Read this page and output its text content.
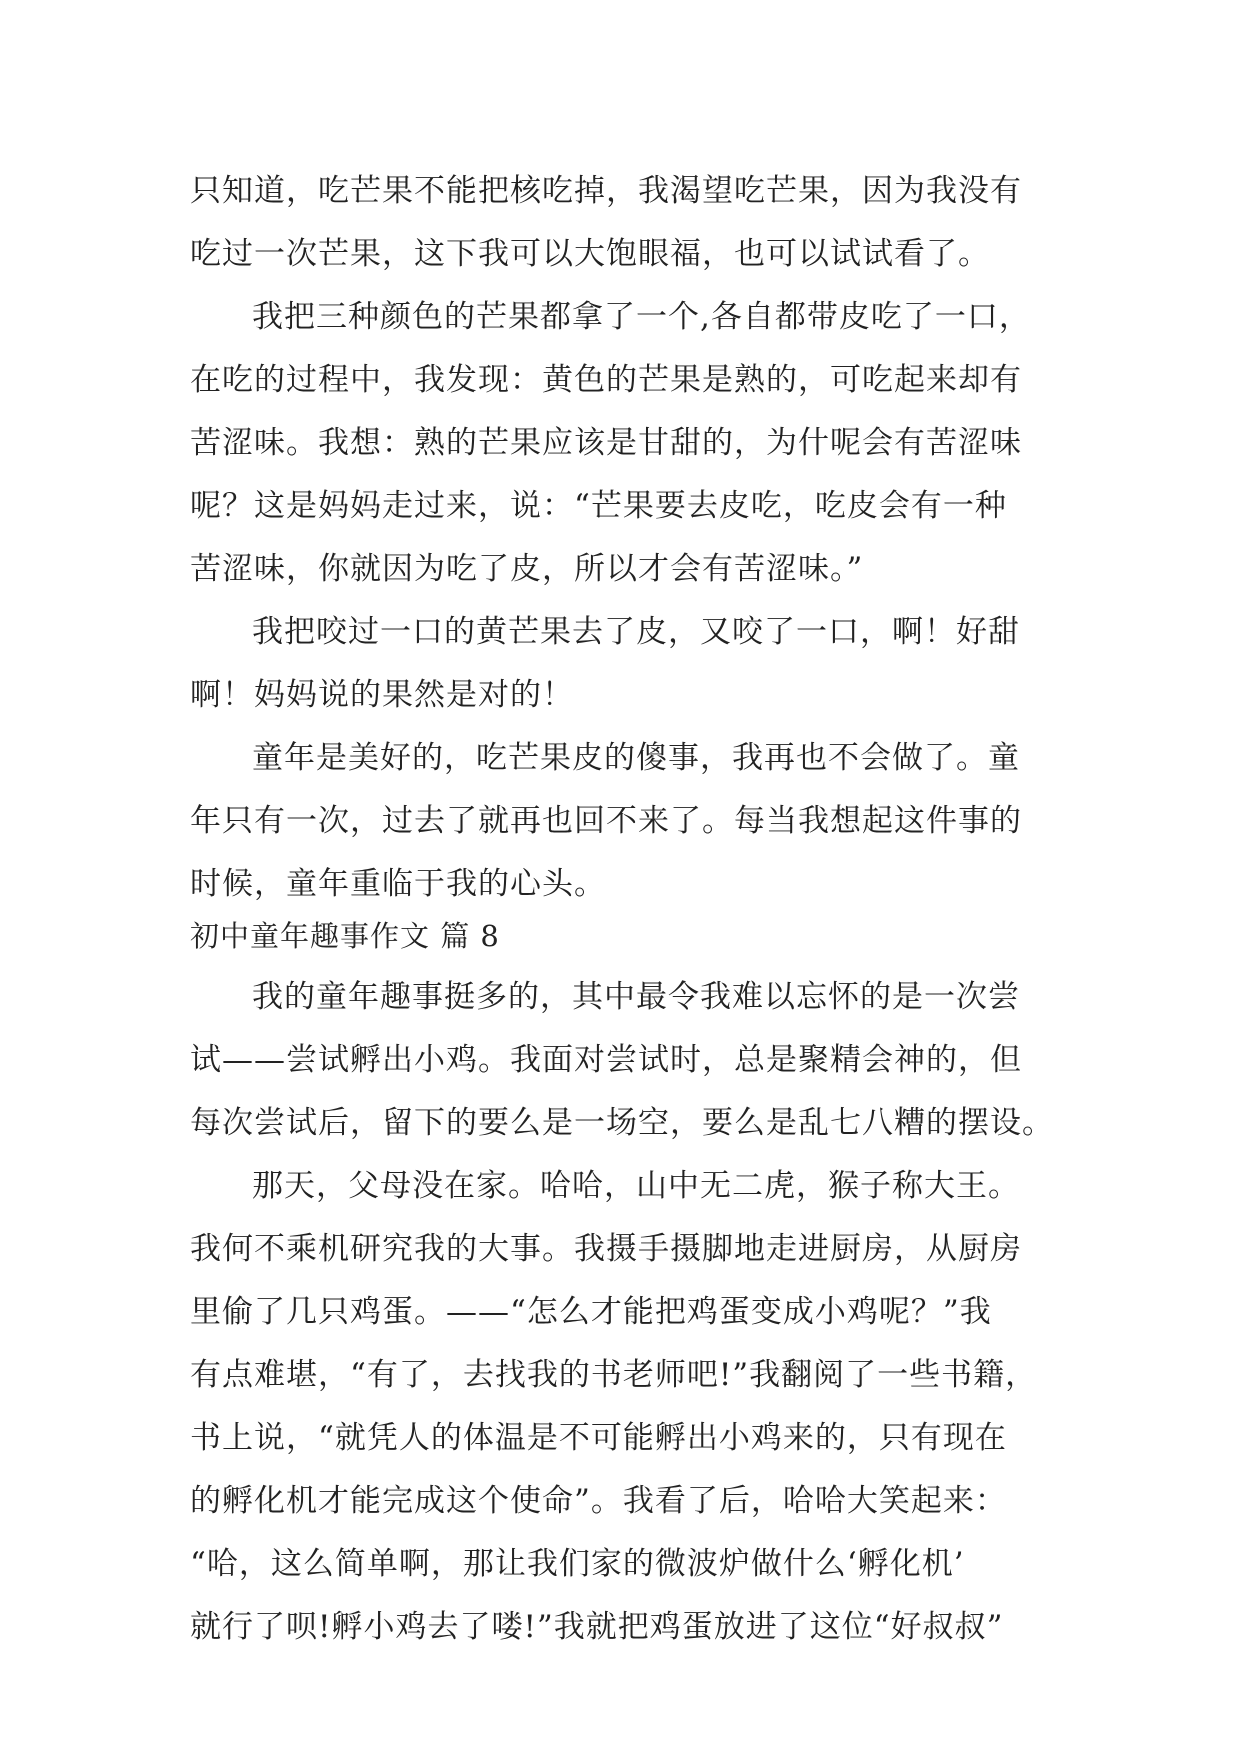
只知道，吃芒果不能把核吃掉，我渴望吃芒果，因为我没有
吃过一次芒果，这下我可以大饱眼福，也可以试试看了。
我把三种颜色的芒果都拿了一个,各自都带皮吃了一口，
在吃的过程中，我发现：黄色的芒果是熟的，可吃起来却有
苦涩味。我想：熟的芒果应该是甘甜的，为什呢会有苦涩味
呢？这是妈妈走过来，说：“芒果要去皮吃，吃皮会有一种
苦涩味，你就因为吃了皮，所以才会有苦涩味。”
我把咬过一口的黄芒果去了皮，又咬了一口，啊！好甜
啊！妈妈说的果然是对的！
童年是美好的，吃芒果皮的傻事，我再也不会做了。童
年只有一次，过去了就再也回不来了。每当我想起这件事的
时候，童年重临于我的心头。
初中童年趣事作文 篇 8
我的童年趣事挺多的，其中最令我难以忘怀的是一次尝
试——尝试孵出小鸡。我面对尝试时，总是聚精会神的，但
每次尝试后，留下的要么是一场空，要么是乱七八糟的摆设。
那天，父母没在家。哈哈，山中无二虎，猴子称大王。
我何不乘机研究我的大事。我摄手摄脚地走进厨房，从厨房
里偷了几只鸡蛋。——“怎么才能把鸡蛋变成小鸡呢？”我
有点难堪，“有了，去找我的书老师吧!”我翻阅了一些书籍，
书上说，“就凭人的体温是不可能孵出小鸡来的，只有现在
的孵化机才能完成这个使命”。我看了后，哈哈大笑起来：
“哈，这么简单啊，那让我们家的微波炉做什么‘孵化机’
就行了呗!孵小鸡去了喽!”我就把鸡蛋放进了这位“好叔叔”
